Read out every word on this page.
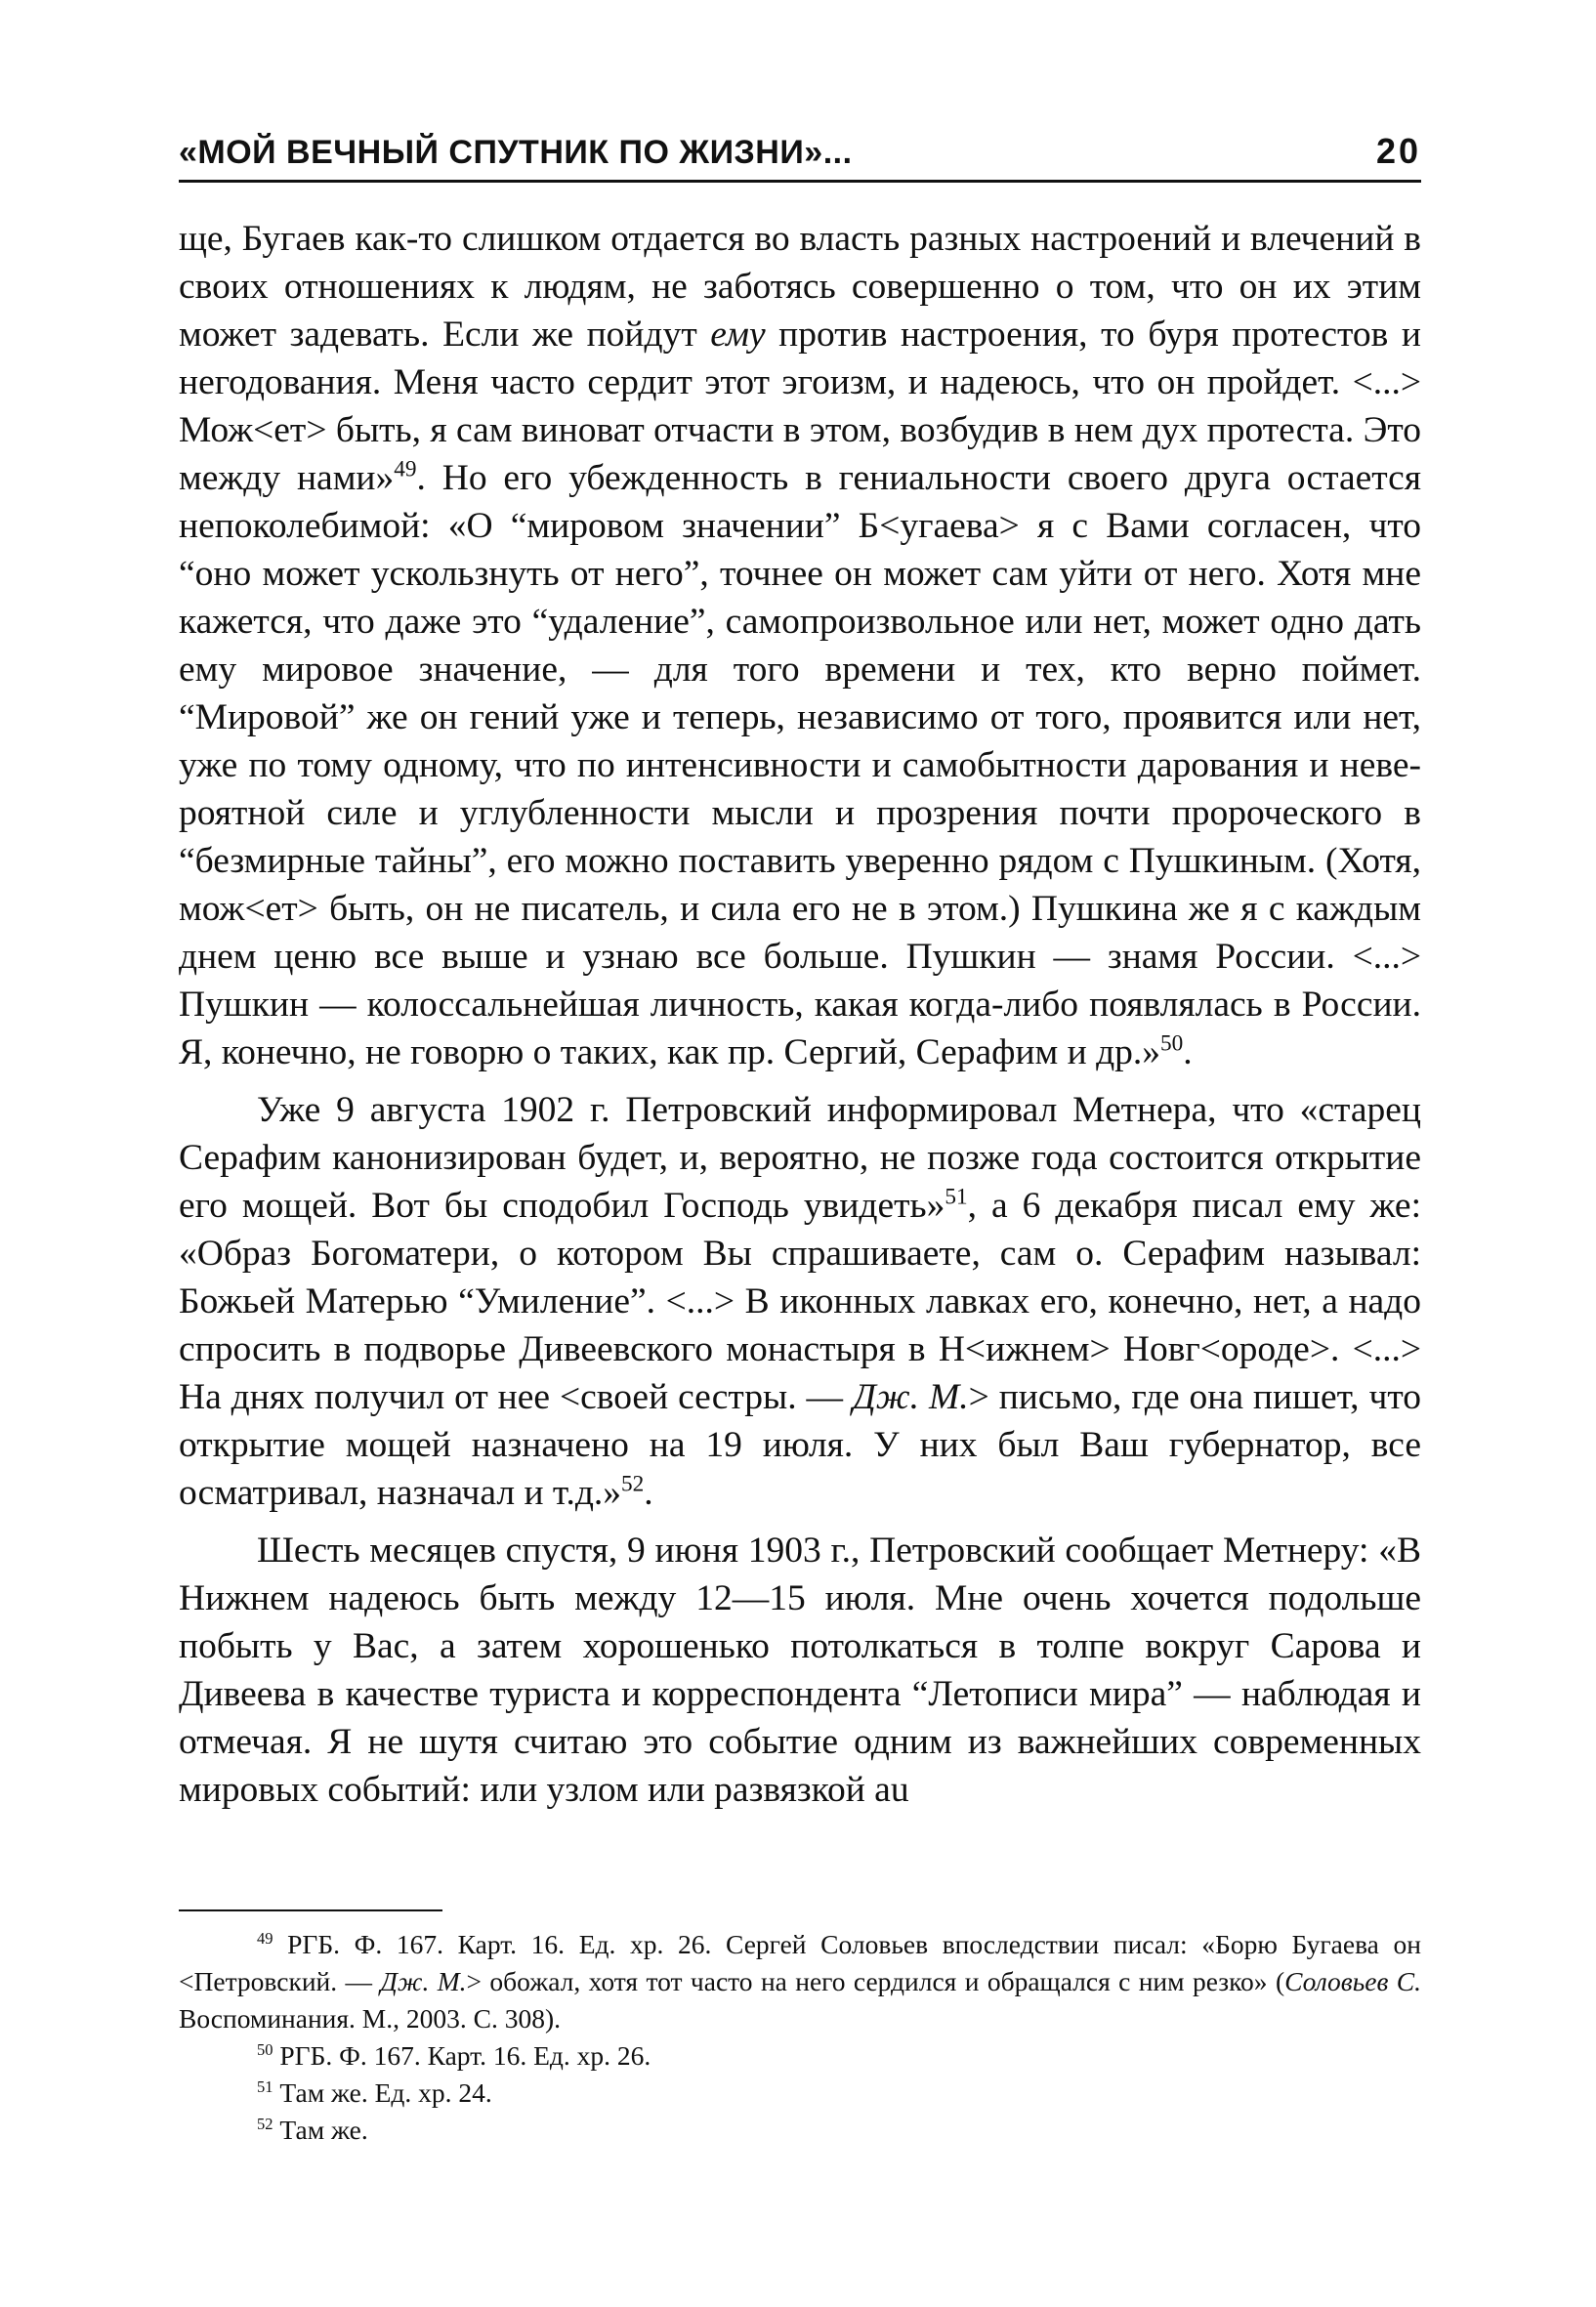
«МОЙ ВЕЧНЫЙ СПУТНИК ПО ЖИЗНИ»...	20

ще, Бугаев как-то слишком отдается во власть разных настроений и влечений в своих отношениях к людям, не заботясь совершенно о том, что он их этим может задевать. Если же пойдут ему против настроения, то буря протестов и негодования. Меня часто сердит этот эгоизм, и надеюсь, что он пройдет. <...> Мож<ет> быть, я сам виноват отчасти в этом, возбудив в нем дух протеста. Это между нами»$^{49}$. Но его убежденность в гениальности своего друга остается непоколебимой: «О “мировом значении” Б<угаева> я с Вами согласен, что “оно может ускользнуть от него”, точнее он может сам уйти от него. Хотя мне кажется, что даже это “удаление”, самопроизвольное или нет, может одно дать ему мировое значение, — для того времени и тех, кто верно поймет. “Мировой” же он гений уже и теперь, независимо от того, проявится или нет, уже по тому одному, что по интенсивности и самобытности дарования и невероятной силе и углубленности мысли и прозрения почти пророческого в “безмирные тайны”, его можно поставить уверенно рядом с Пушкиным. (Хотя, мож<ет> быть, он не писатель, и сила его не в этом.) Пушкина же я с каждым днем ценю все выше и узнаю все больше. Пушкин — знамя России. <...> Пушкин — колоссальнейшая личность, какая когда-либо появлялась в России. Я, конечно, не говорю о таких, как пр. Сергий, Серафим и др.»$^{50}$.

Уже 9 августа 1902 г. Петровский информировал Метнера, что «старец Серафим канонизирован будет, и, вероятно, не позже года состоится открытие его мощей. Вот бы сподобил Господь увидеть»$^{51}$, а 6 декабря писал ему же: «Образ Богоматери, о котором Вы спрашиваете, сам о. Серафим называл: Божьей Матерью “Умиление”. <...> В иконных лавках его, конечно, нет, а надо спросить в подворье Дивеевского монастыря в Н<ижнем> Новг<ороде>. <...> На днях получил от нее <своей сестры. — Дж. М.> письмо, где она пишет, что открытие мощей назначено на 19 июля. У них был Ваш губернатор, все осматривал, назначал и т.д.»$^{52}$.

Шесть месяцев спустя, 9 июня 1903 г., Петровский сообщает Метнеру: «В Нижнем надеюсь быть между 12—15 июля. Мне очень хочется подольше побыть у Вас, а затем хорошенько потолкаться в толпе вокруг Сарова и Дивеева в качестве туриста и корреспондента “Летописи мира” — наблюдая и отмечая. Я не шутя считаю это событие одним из важнейших современных мировых событий: или узлом или развязкой au

$^{49}$ РГБ. Ф. 167. Карт. 16. Ед. хр. 26. Сергей Соловьев впоследствии писал: «Борю Бугаева он <Петровский. — Дж. М.> обожал, хотя тот часто на него сердился и обращался с ним резко» (Соловьев С. Воспоминания. М., 2003. С. 308).

$^{50}$ РГБ. Ф. 167. Карт. 16. Ед. хр. 26.

$^{51}$ Там же. Ед. хр. 24.

$^{52}$ Там же.
